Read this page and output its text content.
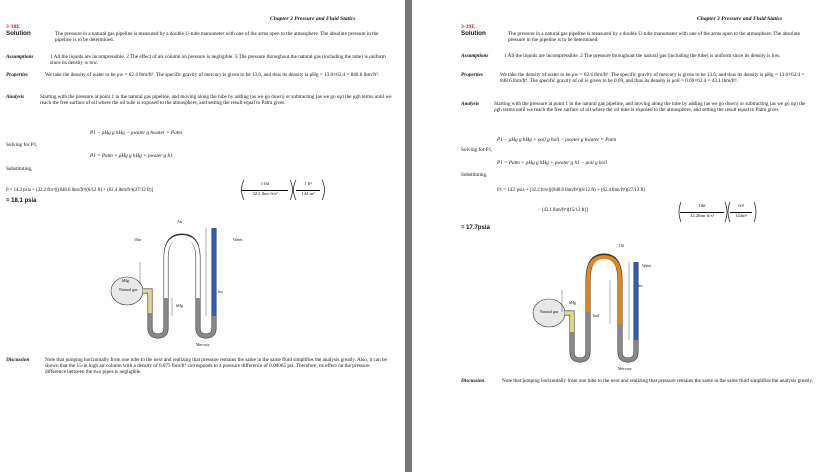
Chapter 3 Pressure and Fluid Statics
3-38E
Solution	The pressure in a natural gas pipeline is measured by a double U-tube manometer with one of the arms open to the atmosphere. The absolute pressure in the pipeline is to be determined.
Assumptions	1 All the liquids are incompressible. 2 The effect of air column on pressure is negligible. 3 The pressure throughout the natural gas (including the tube) is uniform since its density is low.
Properties	We take the density of water to be ρw = 62.4 lbm/ft³. The specific gravity of mercury is given to be 13.6, and thus its density is ρHg = 13.6×62.4 = 848.6 lbm/ft³.
Analysis	Starting with the pressure at point 1 in the natural gas pipeline, and moving along the tube by adding (as we go down) or subtracting (as we go up) the ρgh terms until we reach the free surface of oil where the oil tube is exposed to the atmosphere, and setting the result equal to Patm gives
P1 − ρHg g hHg − ρwater g hwater = Patm
Solving for P1,
P1 = Patm + ρHg g hHg + ρwater g h1
Substituting,
P = 14.2 psia + (32.2 ft/s²)[(848.6 lbm/ft³)(6/12 ft) + (62.4 lbm/ft³)(27/12 ft)]
1 lbf
32.2 lbm·ft/s²
1 ft²
144 in²
= 18.1 psia
Air
10in	Water
hHg
hHg
Natural gas	hw
Mercury
Discussion	Note that jumping horizontally from one tube to the next and realizing that pressure remains the same in the same fluid simplifies the analysis greatly. Also, it can be shown that the 15-in high air column with a density of 0.075 lbm/ft³ corresponds to a pressure difference of 0.00065 psi. Therefore, its effect on the pressure difference between the two pipes is negligible.
Chapter 3 Pressure and Fluid Statics
3-39E
Solution	The pressure in a natural gas pipeline is measured by a double U-tube manometer with one of the arms open to the atmosphere. The absolute pressure in the pipeline is to be determined.
Assumptions	1 All the liquids are incompressible. 2 The pressure throughout the natural gas (including the tube) is uniform since its density is low.
Properties	We take the density of water to be ρw = 62.4 lbm/ft³. The specific gravity of mercury is given to be 13.6, and thus its density is ρHg = 13.6×62.4 = 848.6 lbm/ft³. The specific gravity of oil is given to be 0.69, and thus its density is ρoil = 0.69×62.4 = 43.1 lbm/ft³.
Analysis	Starting with the pressure at point 1 in the natural gas pipeline, and moving along the tube by adding (as we go down) or subtracting (as we go up) the ρgh terms until we reach the free surface of oil where the oil tube is exposed to the atmosphere, and setting the result equal to Patm gives
P1 − ρHg g hHg + ρoil g hoil − ρwater g hwater = Patm
Solving for P1,
P1 = Patm + ρHg g hHg + ρwater g h1 − ρoil g hoil
Substituting,
P1 = 14.2 psia + (32.2 ft/s²)[(848.6 lbm/ft³)(6/12 ft) + (62.4 lbm/ft³)(27/12 ft)
− (43.1 lbm/ft³)(15/12 ft)]
1lbf
32.2lbm·ft/s²
1ft²
144in²
= 17.7psia
Oil
Water
hHg
Natural gas
hw
hoil
Mercury
Discussion	Note that jumping horizontally from one tube to the next and realizing that pressure remains the same in the same fluid simplifies the analysis greatly.
